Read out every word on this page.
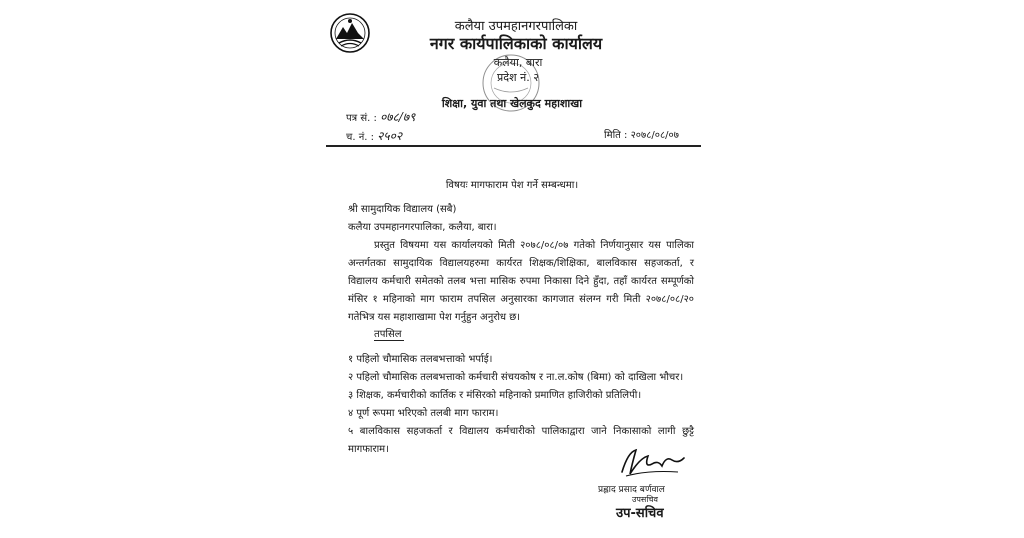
कलैया उपमहानगरपालिका
नगर कार्यपालिकाको कार्यालय
कलैया, बारा
प्रदेश नं. २
शिक्षा, युवा तथा खेलकुद महाशाखा
पत्र सं. : ०७८/७९
च. नं. : २५०२	मिति : २०७८/०८/०७
विषयः मागफाराम पेश गर्ने सम्बन्धमा।
श्री सामुदायिक विद्यालय (सबै)
कलैया उपमहानगरपालिका, कलैया, बारा।
प्रस्तुत विषयमा यस कार्यालयको मिती २०७८/०८/०७ गतेको निर्णयानुसार यस पालिका
अन्तर्गतका सामुदायिक विद्यालयहरुमा कार्यरत शिक्षक/शिक्षिका, बालविकास सहजकर्ता, र
विद्यालय कर्मचारी समेतको तलब भत्ता मासिक रुपमा निकासा दिने हुँदा, तहाँ कार्यरत सम्पूर्णको
मंसिर १ महिनाको माग फाराम तपसिल अनुसारका कागजात संलग्न गरी मिती २०७८/०८/२०
गतेभित्र यस महाशाखामा पेश गर्नुहुन अनुरोध छ।
तपसिल
१ पहिलो चौमासिक तलबभत्ताको भर्पाई।
२ पहिलो चौमासिक तलबभत्ताको कर्मचारी संचयकोष र ना.ल.कोष (बिमा) को दाखिला भौचर।
३ शिक्षक, कर्मचारीको कार्तिक र मंसिरको महिनाको प्रमाणित हाजिरीको प्रतिलिपी।
४ पूर्ण रूपमा भरिएको तलबी माग फाराम।
५ बालविकास सहजकर्ता र विद्यालय कर्मचारीको पालिकाद्वारा जाने निकासाको लागी छुट्टै
मागफाराम।
प्रह्लाद प्रसाद बर्णवाल
उपसचिव
उप-सचिव
